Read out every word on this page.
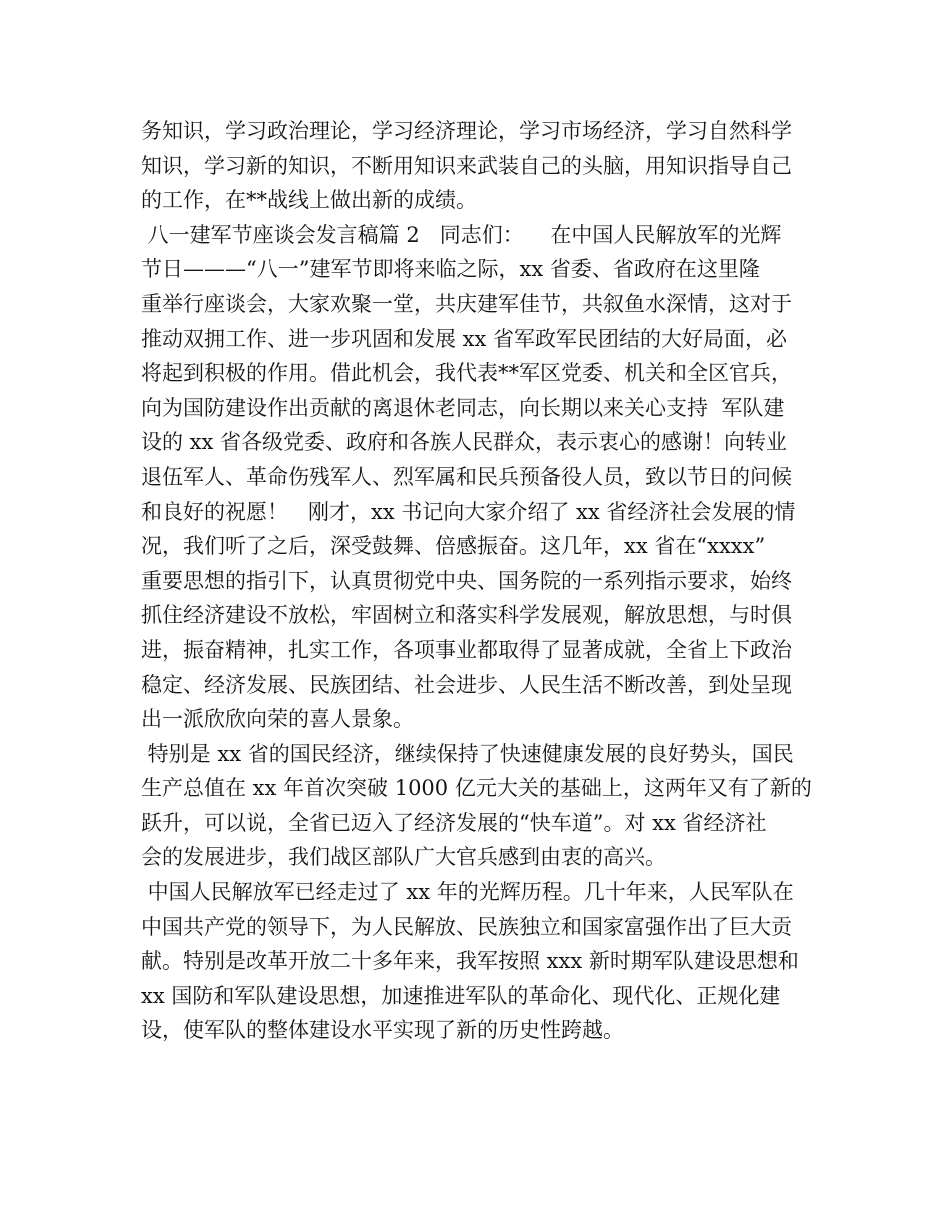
务知识，学习政治理论，学习经济理论，学习市场经济，学习自然科学
知识，学习新的知识，不断用知识来武装自己的头脑，用知识指导自己
的工作，在**战线上做出新的成绩。
八一建军节座谈会发言稿篇 2   同志们：    在中国人民解放军的光辉
节日———“八一”建军节即将来临之际，xx 省委、省政府在这里隆
重举行座谈会，大家欢聚一堂，共庆建军佳节，共叙鱼水深情，这对于
推动双拥工作、进一步巩固和发展 xx 省军政军民团结的大好局面，必
将起到积极的作用。借此机会，我代表**军区党委、机关和全区官兵，
向为国防建设作出贡献的离退休老同志，向长期以来关心支持  军队建
设的 xx 省各级党委、政府和各族人民群众，表示衷心的感谢！向转业
退伍军人、革命伤残军人、烈军属和民兵预备役人员，致以节日的问候
和良好的祝愿！   刚才，xx 书记向大家介绍了 xx 省经济社会发展的情
况，我们听了之后，深受鼓舞、倍感振奋。这几年，xx 省在“xxxx”
重要思想的指引下，认真贯彻党中央、国务院的一系列指示要求，始终
抓住经济建设不放松，牢固树立和落实科学发展观，解放思想，与时俱
进，振奋精神，扎实工作，各项事业都取得了显著成就，全省上下政治
稳定、经济发展、民族团结、社会进步、人民生活不断改善，到处呈现
出一派欣欣向荣的喜人景象。
特别是 xx 省的国民经济，继续保持了快速健康发展的良好势头，国民
生产总值在 xx 年首次突破 1000 亿元大关的基础上，这两年又有了新的
跃升，可以说，全省已迈入了经济发展的“快车道”。对 xx 省经济社
会的发展进步，我们战区部队广大官兵感到由衷的高兴。
中国人民解放军已经走过了 xx 年的光辉历程。几十年来，人民军队在
中国共产党的领导下，为人民解放、民族独立和国家富强作出了巨大贡
献。特别是改革开放二十多年来，我军按照 xxx 新时期军队建设思想和
xx 国防和军队建设思想，加速推进军队的革命化、现代化、正规化建
设，使军队的整体建设水平实现了新的历史性跨越。
